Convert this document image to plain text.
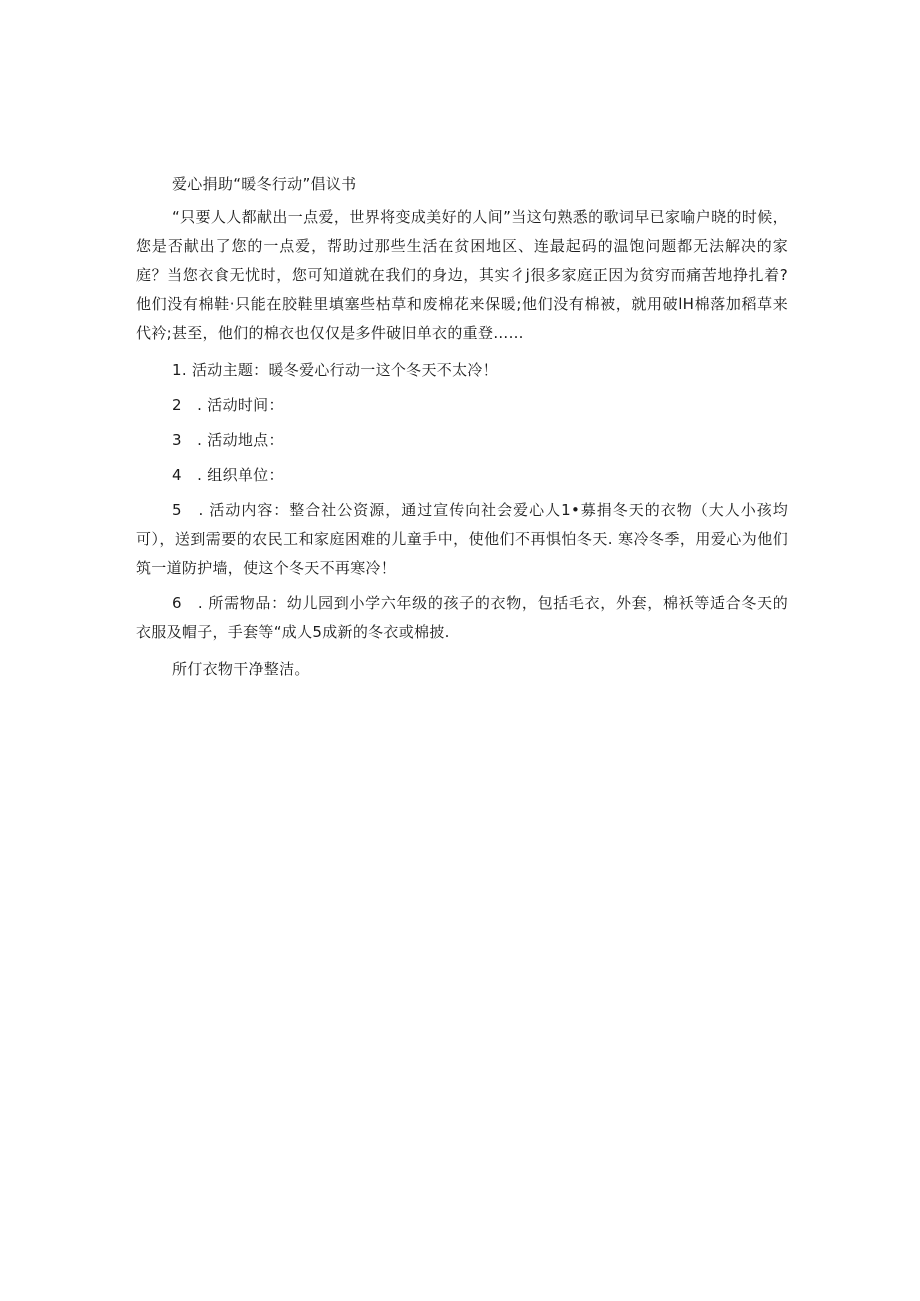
爱心捐助“暖冬行动”倡议书

“只要人人都献出一点爱，世界将变成美好的人间”当这句熟悉的歌词早已家喻户晓的时候，您是否献出了您的一点爱，帮助过那些生活在贫困地区、连最起码的温饱问题都无法解决的家庭？当您衣食无忧时，您可知道就在我们的身边，其实彳j很多家庭正因为贫穷而痛苦地挣扎着?他们没有棉鞋·只能在胶鞋里填塞些枯草和废棉花来保暖;他们没有棉被，就用破lH棉落加稻草来代衿;甚至，他们的棉衣也仅仅是多件破旧单衣的重登……

1. 活动主题：暖冬爱心行动一这个冬天不太冷！

2　. 活动时间：

3　. 活动地点：

4　. 组织单位：

5　. 活动内容：整合社公资源，通过宣传向社会爱心人1•募捐冬天的衣物（大人小孩均可），送到需要的农民工和家庭困难的儿童手中，使他们不再惧怕冬天. 寒冷冬季，用爱心为他们筑一道防护墙，使这个冬天不再寒冷！

6　. 所需物品：幼儿园到小学六年级的孩子的衣物，包括毛衣，外套，棉袄等适合冬天的衣服及帽子，手套等“成人5成新的冬衣或棉披.

所仃衣物干净整洁。
